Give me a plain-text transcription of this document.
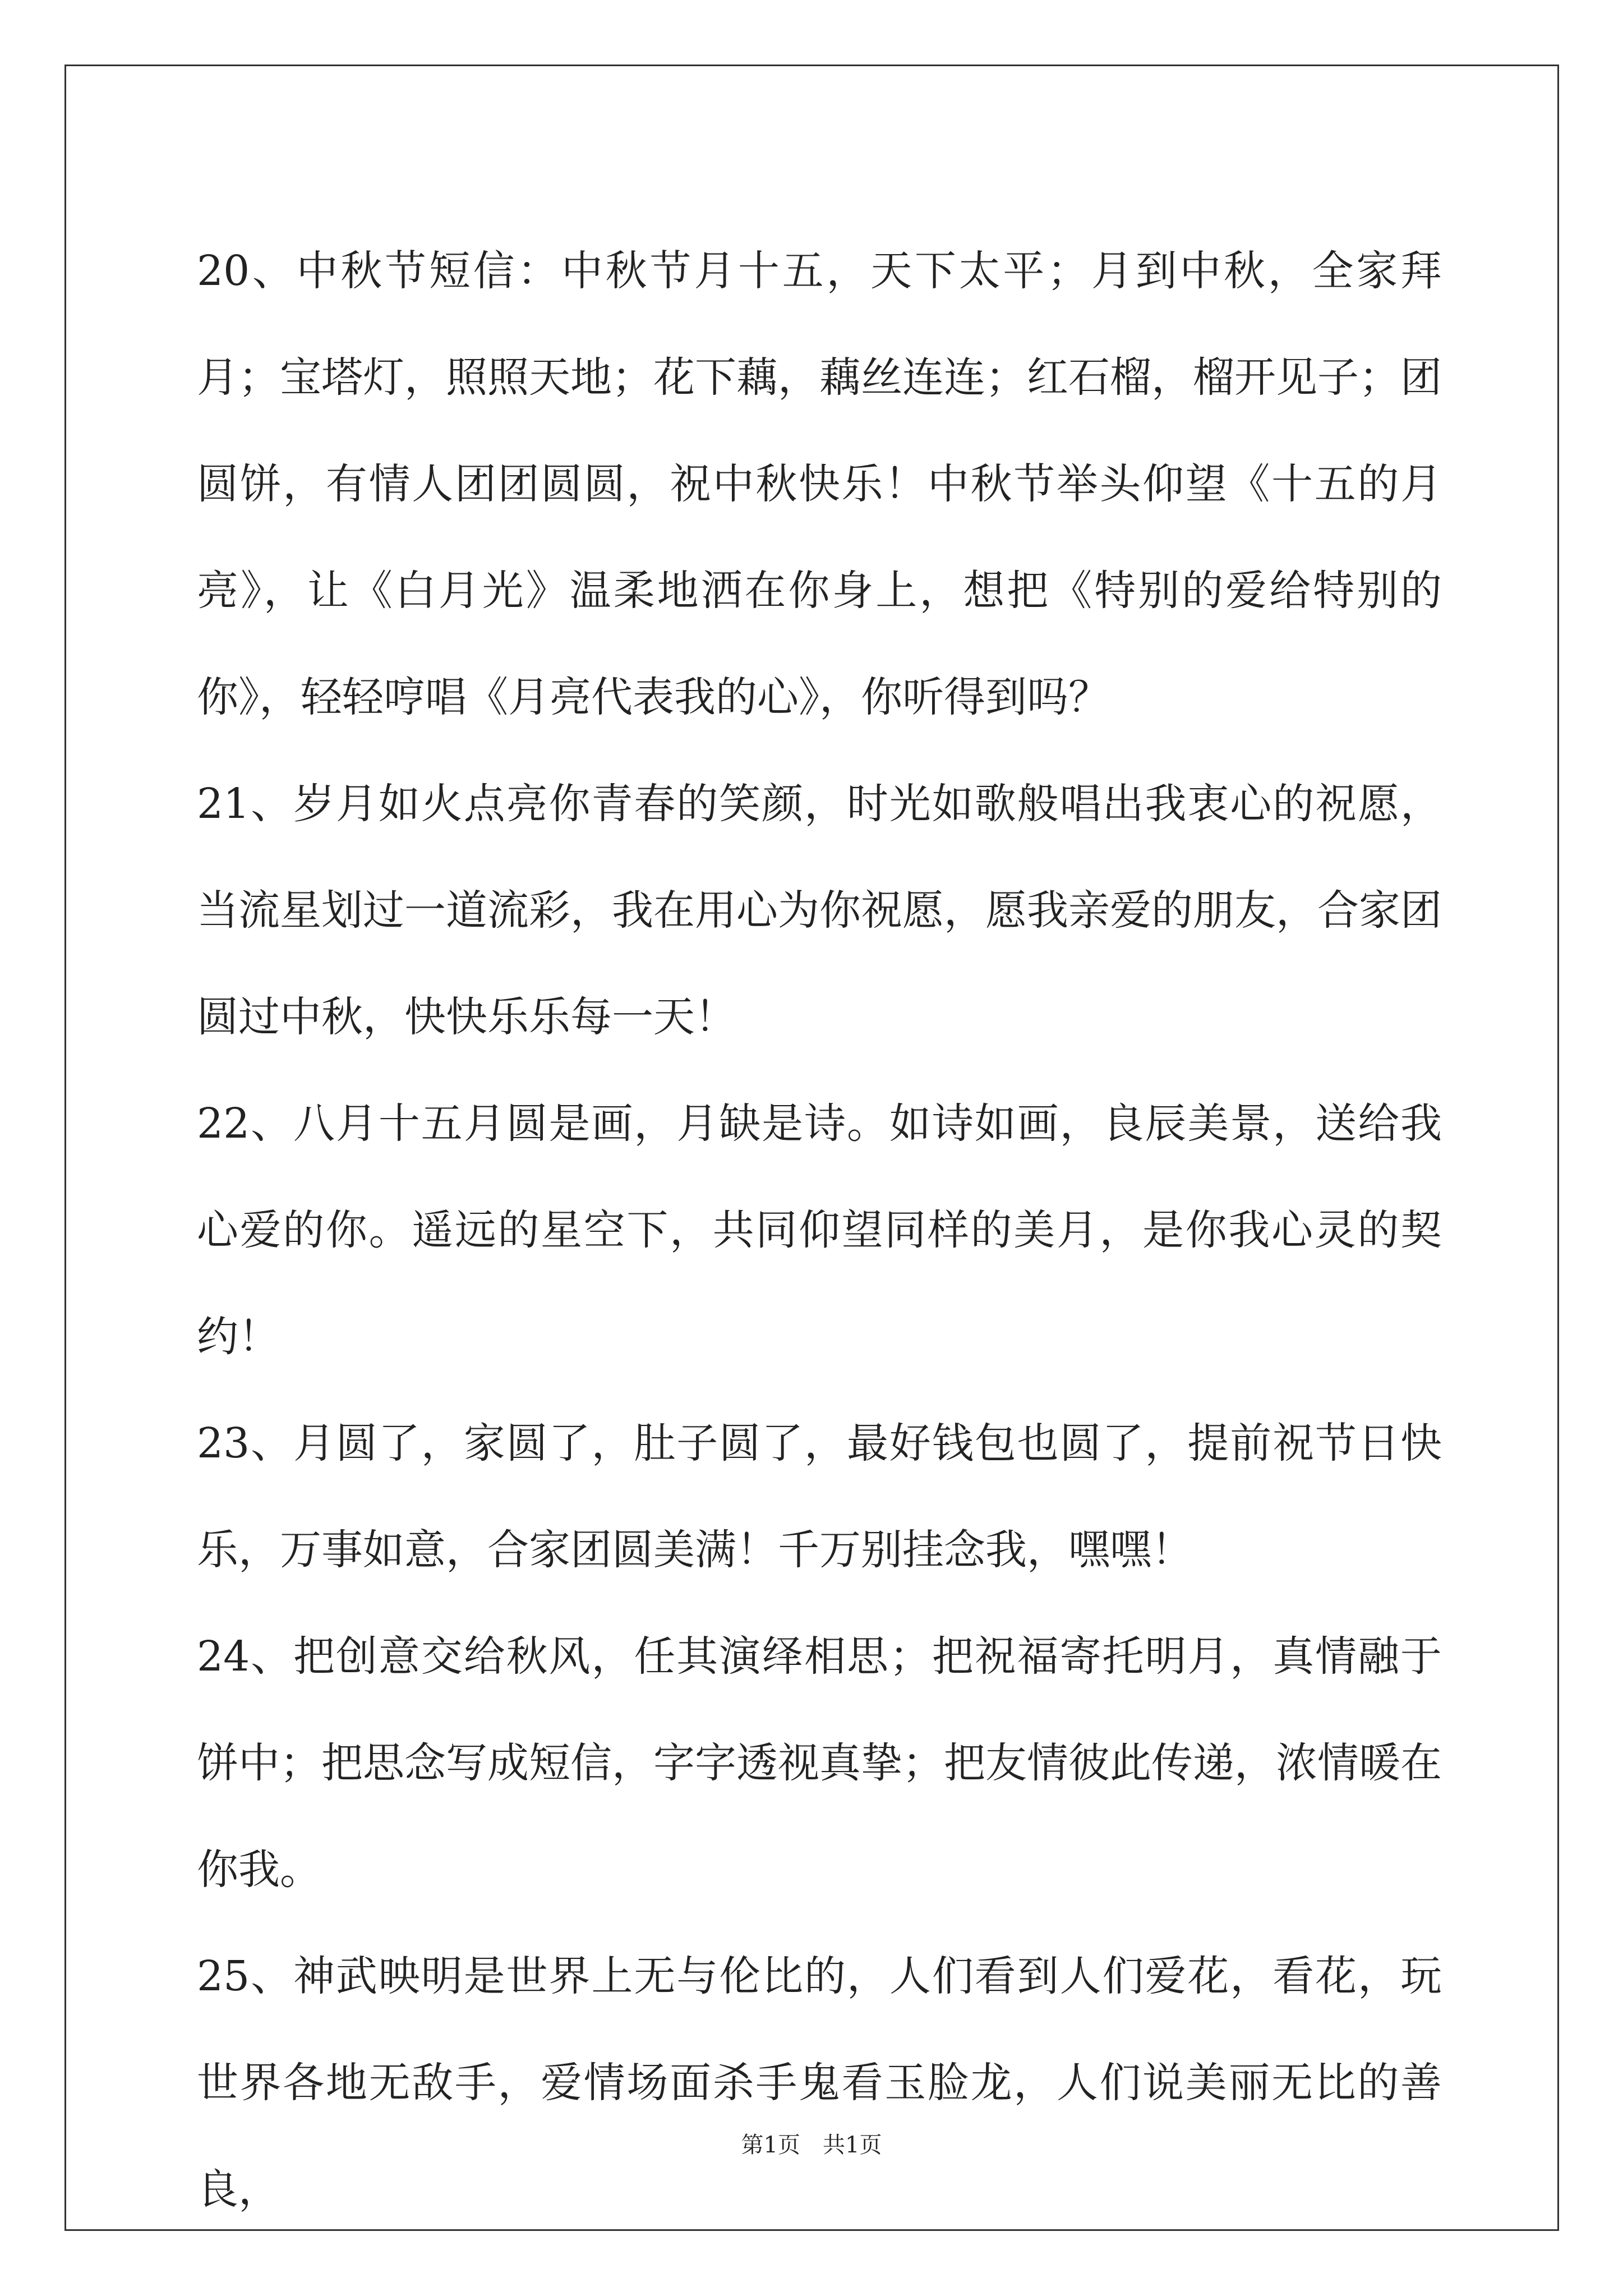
20、中秋节短信：中秋节月十五，天下太平；月到中秋，全家拜月；宝塔灯，照照天地；花下藕，藕丝连连；红石榴，榴开见子；团圆饼，有情人团团圆圆，祝中秋快乐！中秋节举头仰望《十五的月亮》，让《白月光》温柔地洒在你身上，想把《特别的爱给特别的你》，轻轻哼唱《月亮代表我的心》，你听得到吗？

21、岁月如火点亮你青春的笑颜，时光如歌般唱出我衷心的祝愿，当流星划过一道流彩，我在用心为你祝愿，愿我亲爱的朋友，合家团圆过中秋，快快乐乐每一天！

22、八月十五月圆是画，月缺是诗。如诗如画，良辰美景，送给我心爱的你。遥远的星空下，共同仰望同样的美月，是你我心灵的契约！

23、月圆了，家圆了，肚子圆了，最好钱包也圆了，提前祝节日快乐，万事如意，合家团圆美满！千万别挂念我，嘿嘿！

24、把创意交给秋风，任其演绎相思；把祝福寄托明月，真情融于饼中；把思念写成短信，字字透视真挚；把友情彼此传递，浓情暖在你我。

25、神武映明是世界上无与伦比的，人们看到人们爱花，看花，玩世界各地无敌手，爱情场面杀手鬼看玉脸龙，人们说美丽无比的善良，

第1页　共1页
